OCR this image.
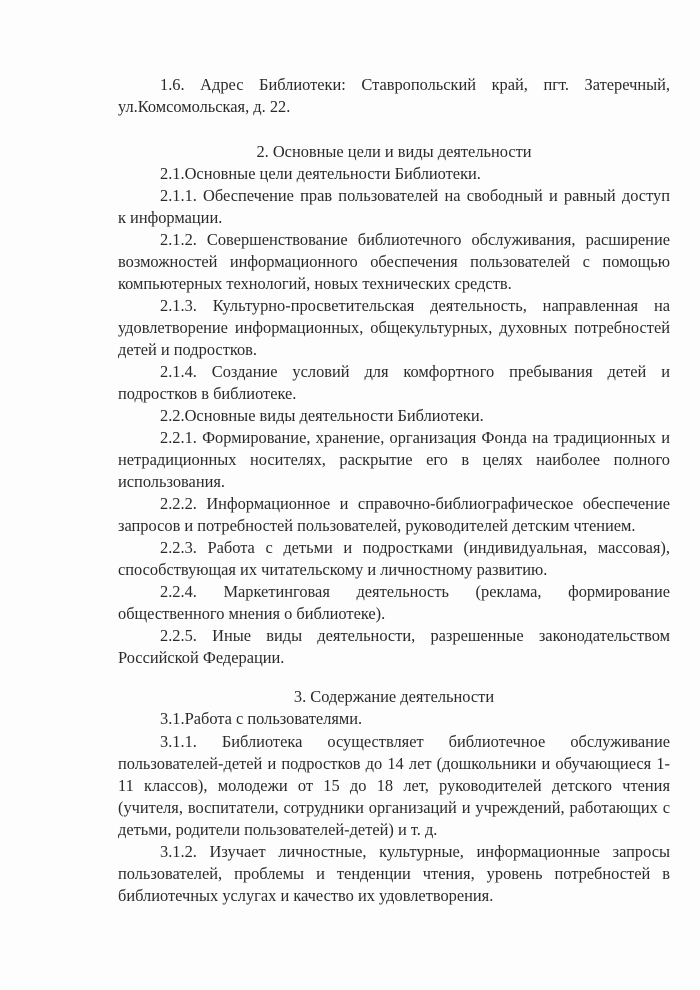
1.6. Адрес Библиотеки: Ставропольский край, пгт. Затеречный,
ул.Комсомольская, д. 22.
2. Основные цели и виды деятельности
2.1.Основные цели деятельности Библиотеки.
2.1.1. Обеспечение прав пользователей на свободный и равный доступ
к информации.
2.1.2. Совершенствование библиотечного обслуживания, расширение
возможностей информационного обеспечения пользователей с помощью
компьютерных технологий, новых технических средств.
2.1.3. Культурно-просветительская деятельность, направленная на
удовлетворение информационных, общекультурных, духовных потребностей
детей и подростков.
2.1.4. Создание условий для комфортного пребывания детей и
подростков в библиотеке.
2.2.Основные виды деятельности Библиотеки.
2.2.1. Формирование, хранение, организация Фонда на традиционных и
нетрадиционных носителях, раскрытие его в целях наиболее полного
использования.
2.2.2. Информационное и справочно-библиографическое обеспечение
запросов и потребностей пользователей, руководителей детским чтением.
2.2.3. Работа с детьми и подростками (индивидуальная, массовая),
способствующая их читательскому и личностному развитию.
2.2.4. Маркетинговая деятельность (реклама, формирование
общественного мнения о библиотеке).
2.2.5. Иные виды деятельности, разрешенные законодательством
Российской Федерации.
3. Содержание деятельности
3.1.Работа с пользователями.
3.1.1. Библиотека осуществляет библиотечное обслуживание
пользователей-детей и подростков до 14 лет (дошкольники и обучающиеся 1-
11 классов), молодежи от 15 до 18 лет, руководителей детского чтения
(учителя, воспитатели, сотрудники организаций и учреждений, работающих с
детьми, родители пользователей-детей) и т. д.
3.1.2. Изучает личностные, культурные, информационные запросы
пользователей, проблемы и тенденции чтения, уровень потребностей в
библиотечных услугах и качество их удовлетворения.
